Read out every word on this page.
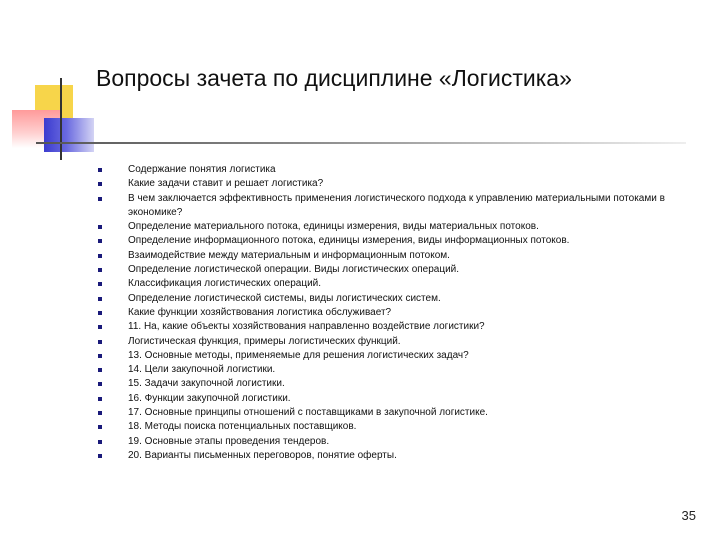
Вопросы зачета по дисциплине «Логистика»
Содержание понятия логистика
Какие задачи ставит и решает логистика?
В чем заключается эффективность применения логистического подхода к управлению материальными потоками в экономике?
Определение материального потока, единицы измерения, виды материальных потоков.
Определение информационного потока, единицы измерения, виды информационных потоков.
Взаимодействие между материальным и информационным потоком.
Определение логистической операции. Виды логистических операций.
Классификация логистических операций.
Определение логистической системы, виды логистических систем.
Какие функции хозяйствования логистика обслуживает?
11. На, какие объекты хозяйствования направленно воздействие логистики?
Логистическая функция, примеры логистических функций.
13. Основные методы, применяемые для решения логистических задач?
14. Цели закупочной логистики.
15. Задачи закупочной логистики.
16. Функции закупочной логистики.
17. Основные принципы отношений с поставщиками в закупочной логистике.
18. Методы поиска потенциальных поставщиков.
19. Основные этапы проведения тендеров.
20. Варианты письменных переговоров, понятие оферты.
35
